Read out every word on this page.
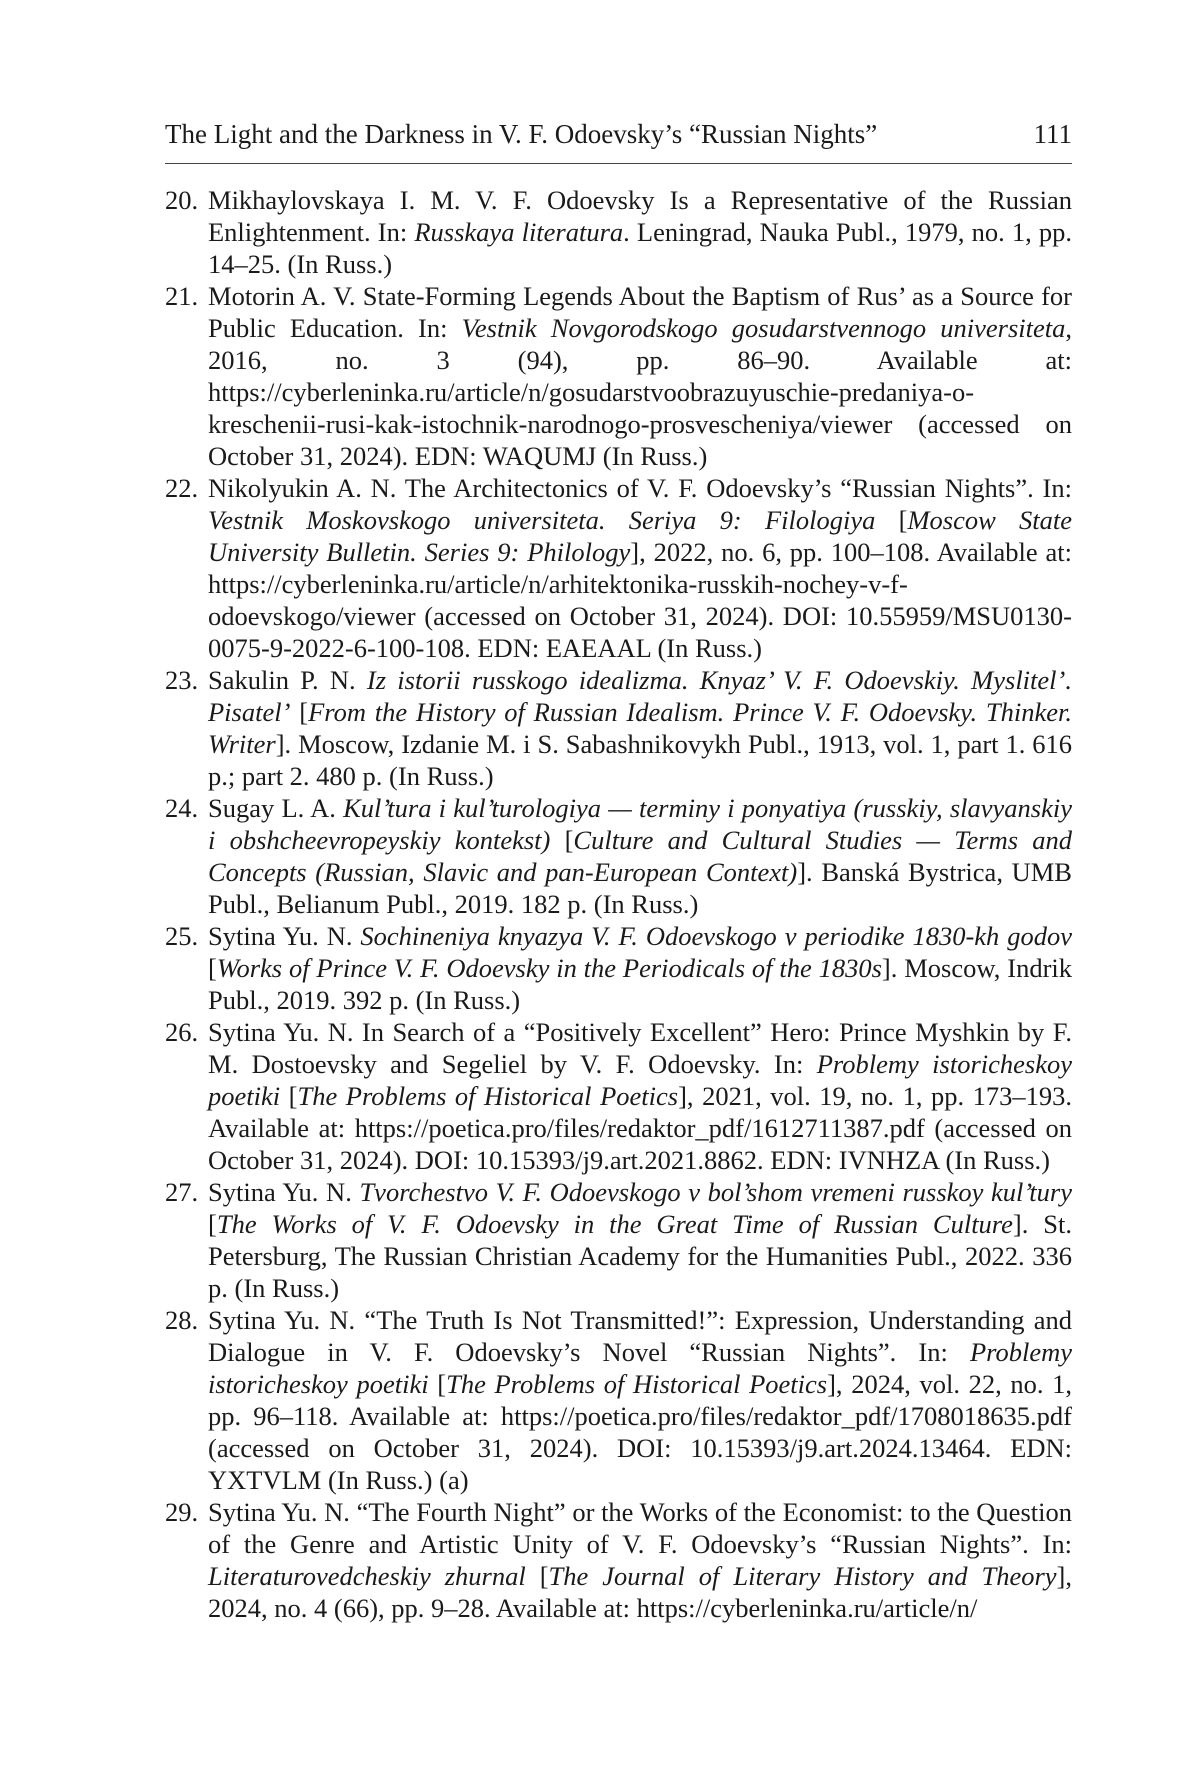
The Light and the Darkness in V. F. Odoevsky’s “Russian Nights”	111
20. Mikhaylovskaya I. M. V. F. Odoevsky Is a Representative of the Russian Enlightenment. In: Russkaya literatura. Leningrad, Nauka Publ., 1979, no. 1, pp. 14–25. (In Russ.)
21. Motorin A. V. State-Forming Legends About the Baptism of Rus’ as a Source for Public Education. In: Vestnik Novgorodskogo gosudarstvennogo universiteta, 2016, no. 3 (94), pp. 86–90. Available at: https://cyberleninka.ru/article/n/gosudarstvoobrazuyuschie-predaniya-o-kreschenii-rusi-kak-istochnik-narodnogo-prosvescheniya/viewer (accessed on October 31, 2024). EDN: WAQUMJ (In Russ.)
22. Nikolyukin A. N. The Architectonics of V. F. Odoevsky’s “Russian Nights”. In: Vestnik Moskovskogo universiteta. Seriya 9: Filologiya [Moscow State University Bulletin. Series 9: Philology], 2022, no. 6, pp. 100–108. Available at: https://cyberleninka.ru/article/n/arhitektonika-russkih-nochey-v-f-odoevskogo/viewer (accessed on October 31, 2024). DOI: 10.55959/MSU0130-0075-9-2022-6-100-108. EDN: EAEAAL (In Russ.)
23. Sakulin P. N. Iz istorii russkogo idealizma. Knyaz’ V. F. Odoevskiy. Myslitel’. Pisatel’ [From the History of Russian Idealism. Prince V. F. Odoevsky. Thinker. Writer]. Moscow, Izdanie M. i S. Sabashnikovykh Publ., 1913, vol. 1, part 1. 616 p.; part 2. 480 p. (In Russ.)
24. Sugay L. A. Kul’tura i kul’turologiya — terminy i ponyatiya (russkiy, slavyanskiy i obshcheevropeyskiy kontekst) [Culture and Cultural Studies — Terms and Concepts (Russian, Slavic and pan-European Context)]. Banská Bystrica, UMB Publ., Belianum Publ., 2019. 182 p. (In Russ.)
25. Sytina Yu. N. Sochineniya knyazya V. F. Odoevskogo v periodike 1830-kh godov [Works of Prince V. F. Odoevsky in the Periodicals of the 1830s]. Moscow, Indrik Publ., 2019. 392 p. (In Russ.)
26. Sytina Yu. N. In Search of a “Positively Excellent” Hero: Prince Myshkin by F. M. Dostoevsky and Segeliel by V. F. Odoevsky. In: Problemy istoricheskoy poetiki [The Problems of Historical Poetics], 2021, vol. 19, no. 1, pp. 173–193. Available at: https://poetica.pro/files/redaktor_pdf/1612711387.pdf (accessed on October 31, 2024). DOI: 10.15393/j9.art.2021.8862. EDN: IVNHZA (In Russ.)
27. Sytina Yu. N. Tvorchestvo V. F. Odoevskogo v bol’shom vremeni russkoy kul’tury [The Works of V. F. Odoevsky in the Great Time of Russian Culture]. St. Petersburg, The Russian Christian Academy for the Humanities Publ., 2022. 336 p. (In Russ.)
28. Sytina Yu. N. “The Truth Is Not Transmitted!”: Expression, Understanding and Dialogue in V. F. Odoevsky’s Novel “Russian Nights”. In: Problemy istoricheskoy poetiki [The Problems of Historical Poetics], 2024, vol. 22, no. 1, pp. 96–118. Available at: https://poetica.pro/files/redaktor_pdf/1708018635.pdf (accessed on October 31, 2024). DOI: 10.15393/j9.art.2024.13464. EDN: YXTVLM (In Russ.) (a)
29. Sytina Yu. N. “The Fourth Night” or the Works of the Economist: to the Question of the Genre and Artistic Unity of V. F. Odoevsky’s “Russian Nights”. In: Literaturovedcheskiy zhurnal [The Journal of Literary History and Theory], 2024, no. 4 (66), pp. 9–28. Available at: https://cyberleninka.ru/article/n/
